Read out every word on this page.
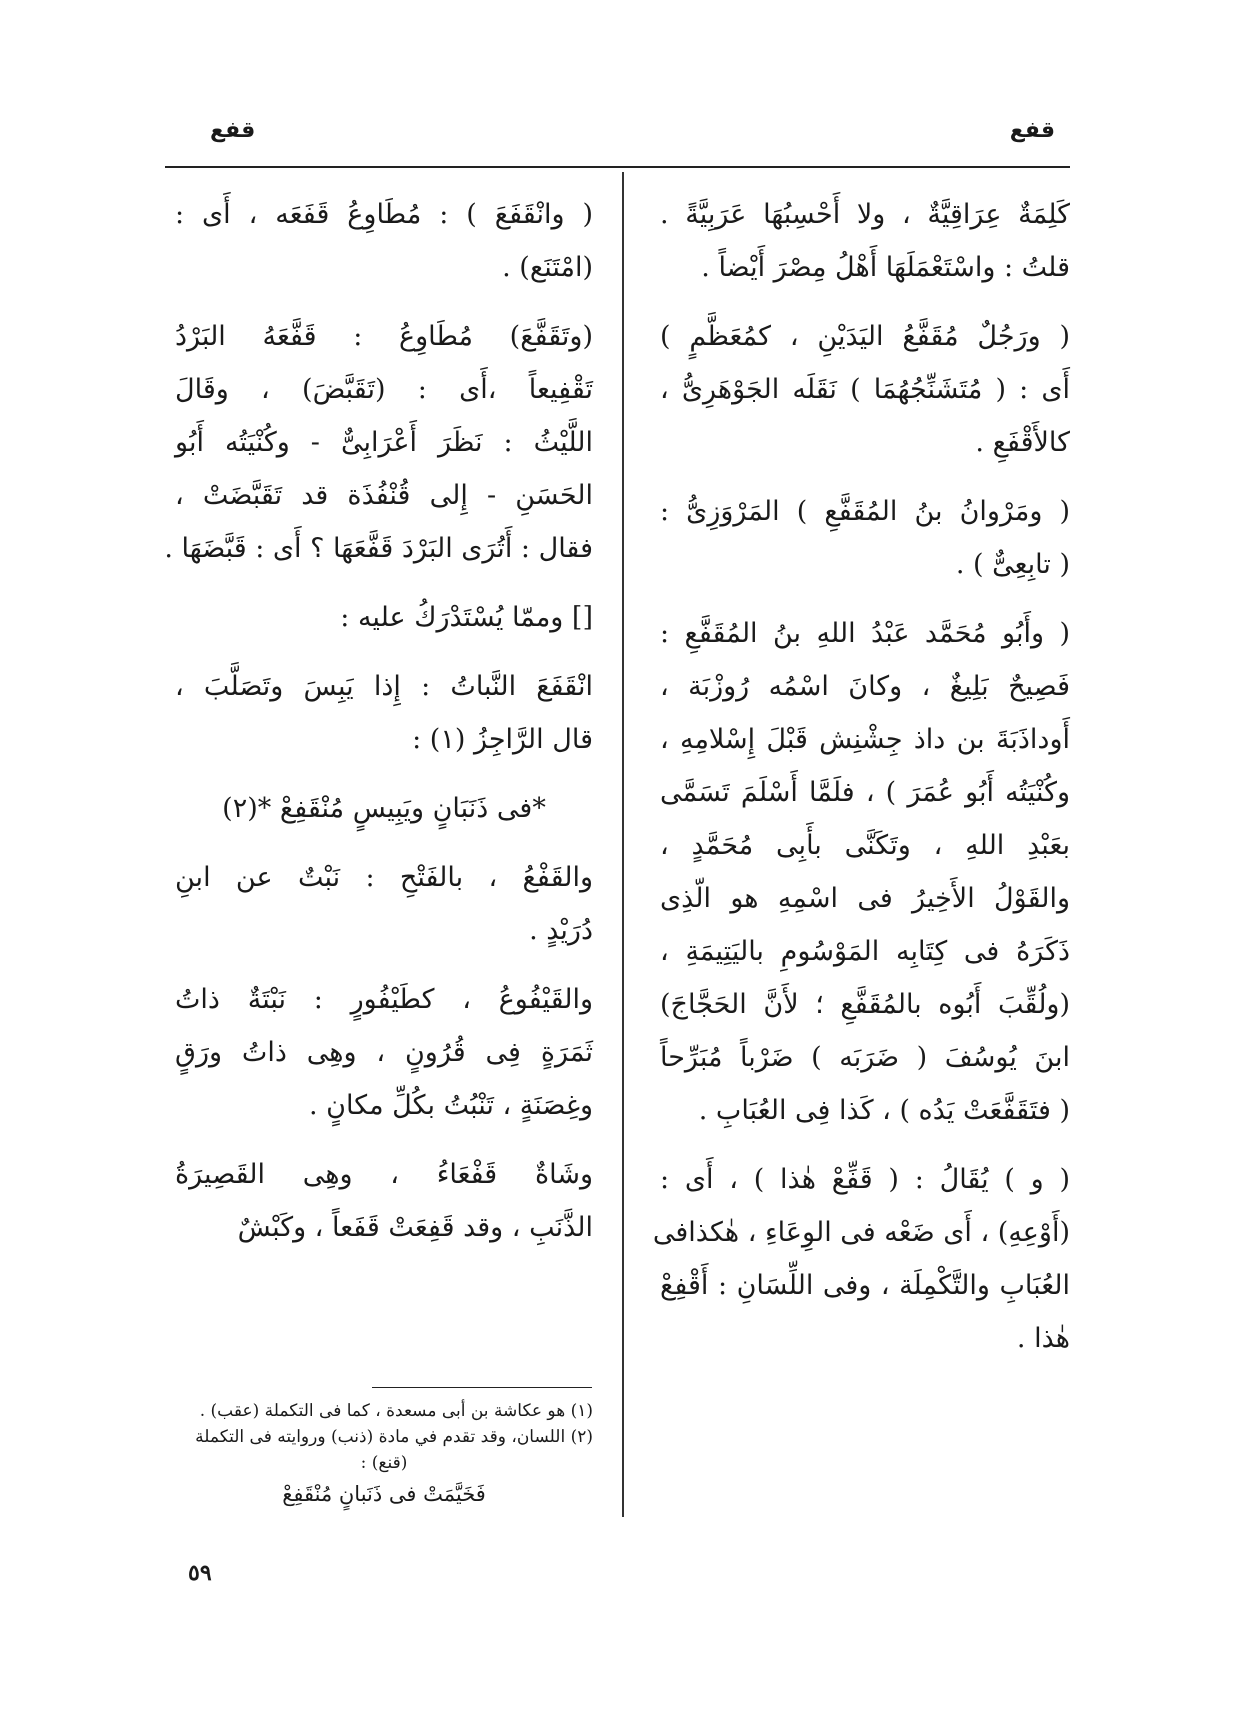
قفع
قفع
كَلِمَةٌ عِرَاقِيَّةٌ ، ولا أَحْسِبُهَا عَرَبِيَّةً .
قلتُ : واسْتَعْمَلَهَا أَهْلُ مِصْرَ أَيْضاً .
( ورَجُلٌ مُقَفَّعُ اليَدَيْنِ ، كمُعَظَّمٍ )
أَى : ( مُتَشَنِّجُهُمَا ) نَقَلَه الجَوْهَرِىُّ ،
كالأَقْفَعِ .
( ومَرْوانُ بنُ المُقَفَّعِ ) المَرْوَزِىُّ :
( تابِعِىٌّ ) .
( وأَبُو مُحَمَّد عَبْدُ اللهِ بنُ المُقَفَّعِ :
فَصِيحٌ بَلِيغٌ ، وكانَ اسْمُه رُوزْبَة ،
أَوداذَبَةَ بن داذ جِشْنِش قَبْلَ إِسْلامِهِ ،
وكُنْيَتُه أَبُو عُمَرَ ) ، فلَمَّا أَسْلَمَ تَسَمَّى
بعَبْدِ اللهِ ، وتَكَنَّى بأَبِى مُحَمَّدٍ ،
والقَوْلُ الأَخِيرُ فى اسْمِهِ هو الّذِى
ذَكَرَهُ فى كِتَابِه المَوْسُومِ باليَتِيمَةِ ،
(ولُقِّبَ أَبُوه بالمُقَفَّعِ ؛ لأَنَّ الحَجَّاجَ)
ابنَ يُوسُفَ ( ضَرَبَه ) ضَرْباً مُبَرِّحاً
( فتَقَفَّعَتْ يَدُه ) ، كَذا فِى العُبَابِ .
( و ) يُقَالُ : ( قَفِّعْ هٰذا ) ، أَى :
(أَوْعِهِ) ، أَى ضَعْه فى الوِعَاءِ ، هٰكذافى
العُبَابِ والتَّكْمِلَة ، وفى اللِّسَانِ : أَقْفِعْ
هٰذا .
( وانْقَفَعَ ) : مُطَاوِعُ قَفَعَه ، أَى :
(امْتَنَع) .
(وتَقَفَّعَ) مُطَاوِعُ : قَفَّعَهُ البَرْدُ
تَقْفِيعاً ،أَى : (تَقَبَّضَ) ، وقَالَ
اللَّيْثُ : نَظَرَ أَعْرَابِىٌّ - وكُنْيَتُه أَبُو
الحَسَنِ - إِلى قُنْفُذَة قد تَقَبَّضَتْ ،
فقال : أَتُرَى البَرْدَ قَفَّعَهَا ؟ أَى : قَبَّضَهَا .
[] وممّا يُسْتَدْرَكُ عليه :
انْقَفَعَ النَّباتُ : إِذا يَبِسَ وتَصَلَّبَ ،
قال الرَّاجِزُ (١) :
*فى ذَنَبَانٍ ويَبِيسٍ مُنْقَفِعْ *(٢)
والقَفْعُ ، بالفَتْحِ : نَبْتٌ عن ابنِ
دُرَيْدٍ .
والقَيْفُوعُ ، كطَيْفُورٍ : نَبْتَةٌ ذاتُ
ثَمَرَةٍ فِى قُرُونٍ ، وهِى ذاتُ ورَقٍ
وغِصَنَةٍ ، تَنْبُتُ بكُلِّ مكانٍ .
وشَاةٌ قَفْعَاءُ ، وهِى القَصِيرَةُ
الذَّنَبِ ، وقد قَفِعَتْ قَفَعاً ، وكَبْشٌ
(١) هو عكاشة بن أبى مسعدة ، كما فى التكملة (عقب) .
(٢) اللسان، وقد تقدم في مادة (ذنب) وروايته فى التكملة
(قنع) :
فَخَيَّمَتْ فى ذَنَبانٍ مُنْقَفِعْ
٥٩
